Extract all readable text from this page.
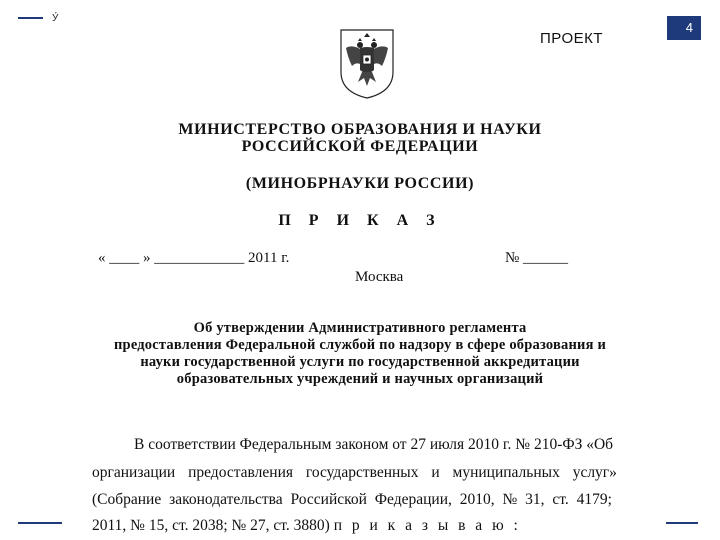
У́
4
ПРОЕКТ
МИНИСТЕРСТВО ОБРАЗОВАНИЯ И НАУКИ
РОССИЙСКОЙ ФЕДЕРАЦИИ
(МИНОБРНАУКИ РОССИИ)
П Р И К А З
« ____ » ____________ 2011 г.	№ ______
Москва
Об утверждении Административного регламента
предоставления Федеральной службой по надзору в сфере образования и
науки государственной услуги по государственной аккредитации
образовательных учреждений и научных организаций
В соответствии Федеральным законом от 27 июля 2010 г. № 210-ФЗ «Об
организации предоставления государственных и муниципальных услуг»
(Собрание законодательства Российской Федерации, 2010, № 31, ст. 4179;
2011, № 15, ст. 2038; № 27, ст. 3880) п р и к а з ы в а ю :
